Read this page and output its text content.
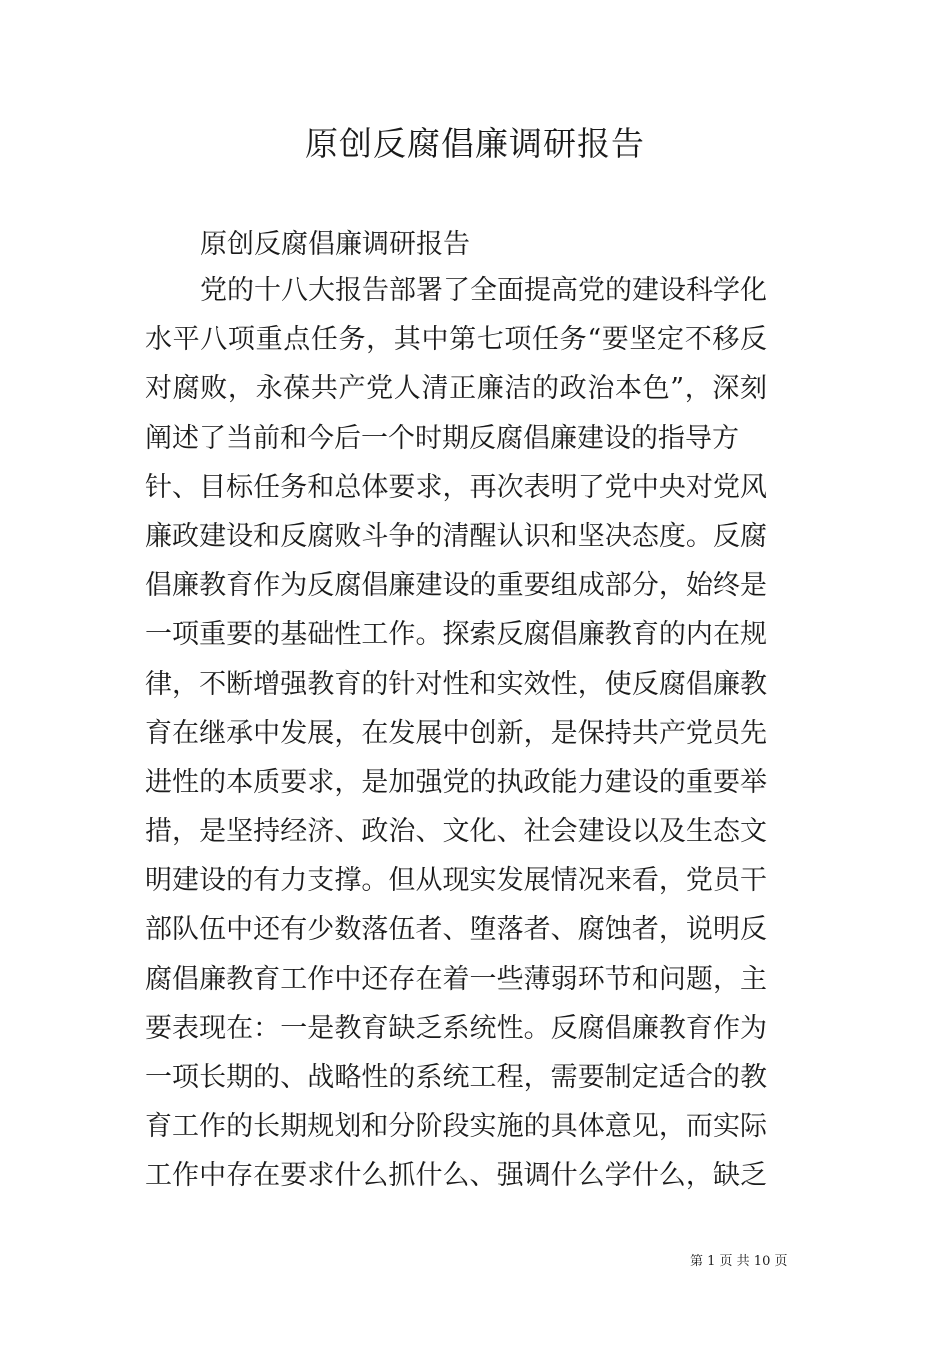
原创反腐倡廉调研报告

原创反腐倡廉调研报告

党的十八大报告部署了全面提高党的建设科学化
水平八项重点任务，其中第七项任务“要坚定不移反
对腐败，永葆共产党人清正廉洁的政治本色”，深刻
阐述了当前和今后一个时期反腐倡廉建设的指导方
针、目标任务和总体要求，再次表明了党中央对党风
廉政建设和反腐败斗争的清醒认识和坚决态度。反腐
倡廉教育作为反腐倡廉建设的重要组成部分，始终是
一项重要的基础性工作。探索反腐倡廉教育的内在规
律，不断增强教育的针对性和实效性，使反腐倡廉教
育在继承中发展，在发展中创新，是保持共产党员先
进性的本质要求，是加强党的执政能力建设的重要举
措，是坚持经济、政治、文化、社会建设以及生态文
明建设的有力支撑。但从现实发展情况来看，党员干
部队伍中还有少数落伍者、堕落者、腐蚀者，说明反
腐倡廉教育工作中还存在着一些薄弱环节和问题，主
要表现在：一是教育缺乏系统性。反腐倡廉教育作为
一项长期的、战略性的系统工程，需要制定适合的教
育工作的长期规划和分阶段实施的具体意见，而实际
工作中存在要求什么抓什么、强调什么学什么，缺乏
第 1 页 共 10 页
